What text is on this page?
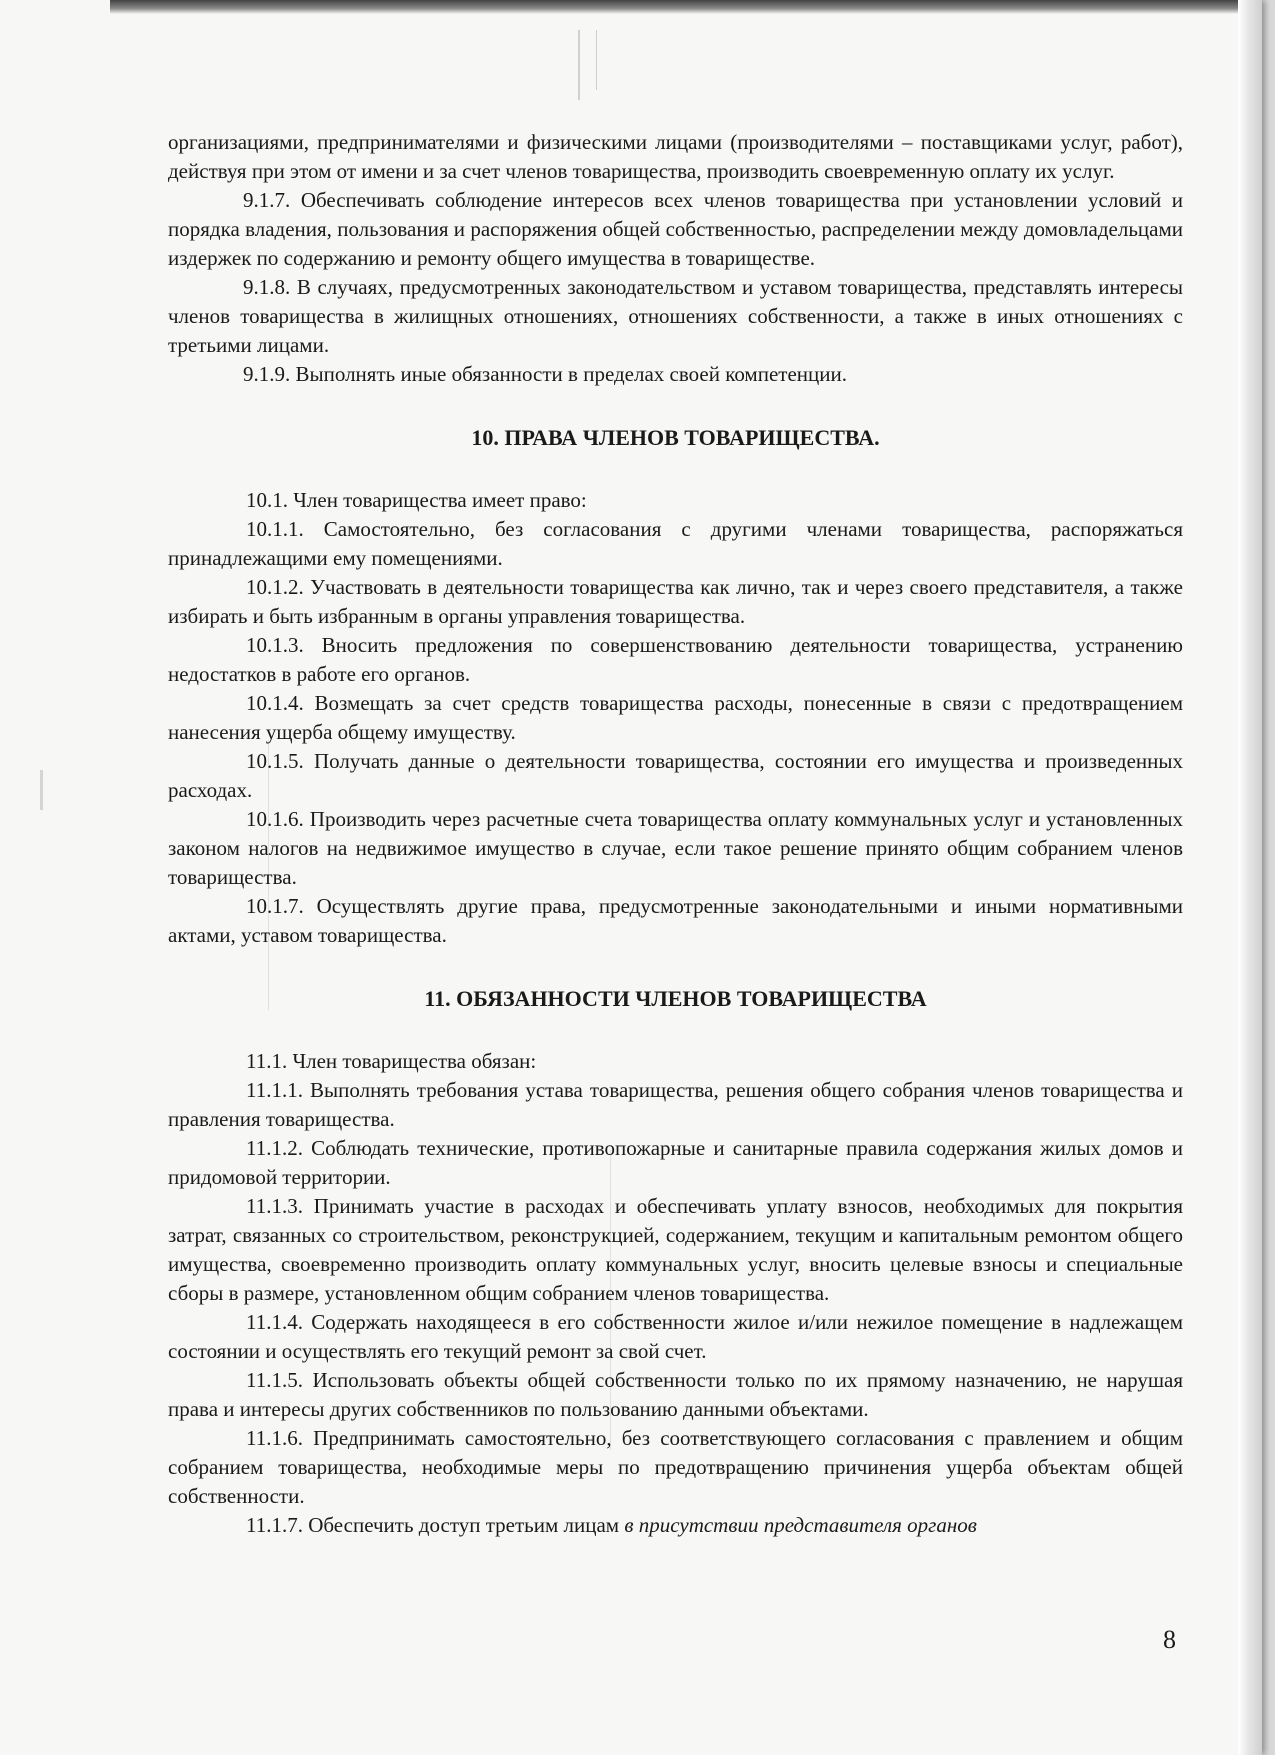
организациями, предпринимателями и физическими лицами (производителями – поставщиками услуг, работ), действуя при этом от имени и за счет членов товарищества, производить своевременную оплату их услуг.

9.1.7. Обеспечивать соблюдение интересов всех членов товарищества при установлении условий и порядка владения, пользования и распоряжения общей собственностью, распределении между домовладельцами издержек по содержанию и ремонту общего имущества в товариществе.

9.1.8. В случаях, предусмотренных законодательством и уставом товарищества, представлять интересы членов товарищества в жилищных отношениях, отношениях собственности, а также в иных отношениях с третьими лицами.

9.1.9. Выполнять иные обязанности в пределах своей компетенции.

10. ПРАВА ЧЛЕНОВ ТОВАРИЩЕСТВА.

10.1. Член товарищества имеет право:

10.1.1. Самостоятельно, без согласования с другими членами товарищества, распоряжаться принадлежащими ему помещениями.

10.1.2. Участвовать в деятельности товарищества как лично, так и через своего представителя, а также избирать и быть избранным в органы управления товарищества.

10.1.3. Вносить предложения по совершенствованию деятельности товарищества, устранению недостатков в работе его органов.

10.1.4. Возмещать за счет средств товарищества расходы, понесенные в связи с предотвращением нанесения ущерба общему имуществу.

10.1.5. Получать данные о деятельности товарищества, состоянии его имущества и произведенных расходах.

10.1.6. Производить через расчетные счета товарищества оплату коммунальных услуг и установленных законом налогов на недвижимое имущество в случае, если такое решение принято общим собранием членов товарищества.

10.1.7. Осуществлять другие права, предусмотренные законодательными и иными нормативными актами, уставом товарищества.

11. ОБЯЗАННОСТИ ЧЛЕНОВ ТОВАРИЩЕСТВА

11.1. Член товарищества обязан:

11.1.1. Выполнять требования устава товарищества, решения общего собрания членов товарищества и правления товарищества.

11.1.2. Соблюдать технические, противопожарные и санитарные правила содержания жилых домов и придомовой территории.

11.1.3. Принимать участие в расходах и обеспечивать уплату взносов, необходимых для покрытия затрат, связанных со строительством, реконструкцией, содержанием, текущим и капитальным ремонтом общего имущества, своевременно производить оплату коммунальных услуг, вносить целевые взносы и специальные сборы в размере, установленном общим собранием членов товарищества.

11.1.4. Содержать находящееся в его собственности жилое и/или нежилое помещение в надлежащем состоянии и осуществлять его текущий ремонт за свой счет.

11.1.5. Использовать объекты общей собственности только по их прямому назначению, не нарушая права и интересы других собственников по пользованию данными объектами.

11.1.6. Предпринимать самостоятельно, без соответствующего согласования с правлением и общим собранием товарищества, необходимые меры по предотвращению причинения ущерба объектам общей собственности.

11.1.7. Обеспечить доступ третьим лицам в присутствии представителя органов

8
